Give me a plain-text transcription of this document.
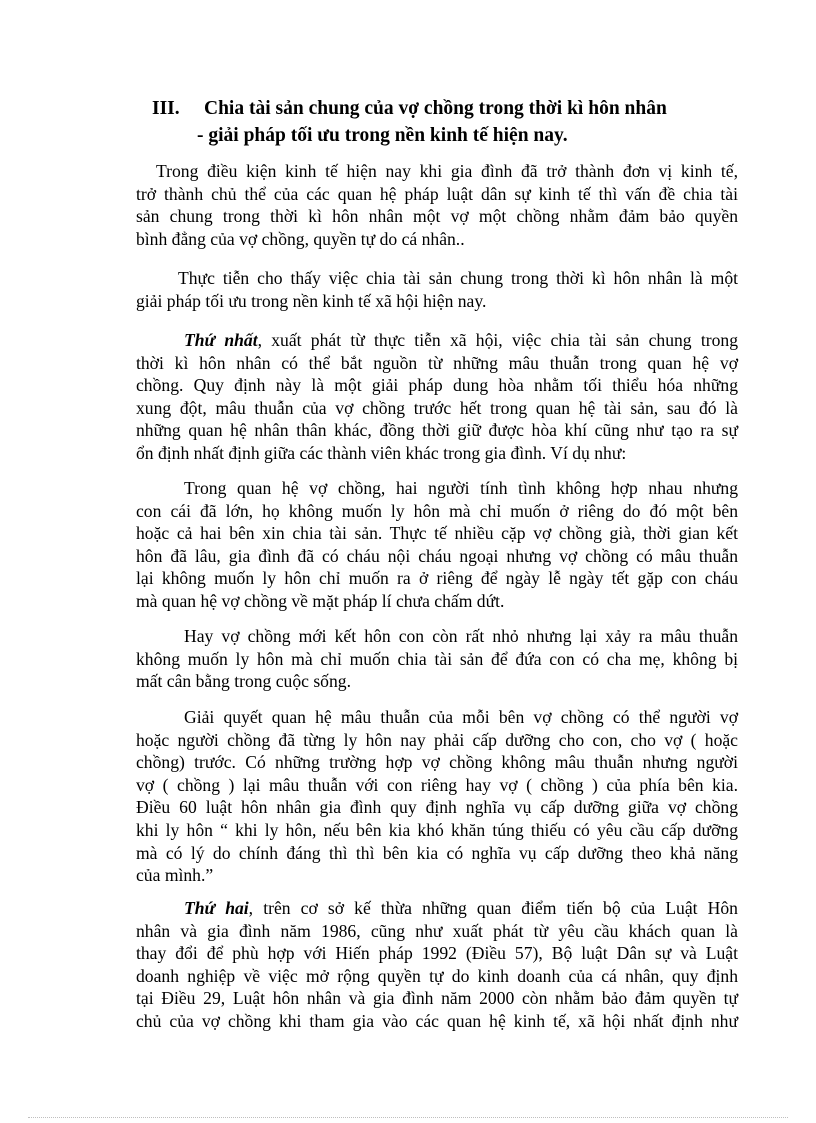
III. Chia tài sản chung của vợ chồng trong thời kì hôn nhân
- giải pháp tối ưu trong nền kinh tế hiện nay.
Trong điều kiện kinh tế hiện nay khi gia đình đã trở thành đơn vị kinh tế,
trở thành chủ thể của các quan hệ pháp luật dân sự kinh tế thì vấn đề chia tài
sản chung trong thời kì hôn nhân một vợ một chồng nhằm đảm bảo quyền
bình đẳng của vợ chồng, quyền tự do cá nhân..
Thực tiễn cho thấy việc chia tài sản chung trong thời kì hôn nhân là một
giải pháp tối ưu trong nền kinh tế xã hội hiện nay.
Thứ nhất, xuất phát từ thực tiễn xã hội, việc chia tài sản chung trong
thời kì hôn nhân có thể bắt nguồn từ những mâu thuẫn trong quan hệ vợ
chồng. Quy định này là một giải pháp dung hòa nhằm tối thiểu hóa những
xung đột, mâu thuẫn của vợ chồng trước hết trong quan hệ tài sản, sau đó là
những quan hệ nhân thân khác, đồng thời giữ được hòa khí cũng như tạo ra sự
ổn định nhất định giữa các thành viên khác trong gia đình. Ví dụ như:
Trong quan hệ vợ chồng, hai người tính tình không hợp nhau nhưng
con cái đã lớn, họ không muốn ly hôn mà chỉ muốn ở riêng do đó một bên
hoặc cả hai bên xin chia tài sản. Thực tế nhiều cặp vợ chồng già, thời gian kết
hôn đã lâu, gia đình đã có cháu nội cháu ngoại nhưng vợ chồng có mâu thuẫn
lại không muốn ly hôn chỉ muốn ra ở riêng để ngày lễ ngày tết gặp con cháu
mà quan hệ vợ chồng về mặt pháp lí chưa chấm dứt.
Hay vợ chồng mới kết hôn con còn rất nhỏ nhưng lại xảy ra mâu thuẫn
không muốn ly hôn mà chỉ muốn chia tài sản để đứa con có cha mẹ, không bị
mất cân bằng trong cuộc sống.
Giải quyết quan hệ mâu thuẫn của mỗi bên vợ chồng có thể người vợ
hoặc người chồng đã từng ly hôn nay phải cấp dưỡng cho con, cho vợ ( hoặc
chồng) trước. Có những trường hợp vợ chồng không mâu thuẫn nhưng người
vợ ( chồng ) lại mâu thuẫn với con riêng hay vợ ( chồng ) của phía bên kia.
Điều 60 luật hôn nhân gia đình quy định nghĩa vụ cấp dưỡng giữa vợ chồng
khi ly hôn “ khi ly hôn, nếu bên kia khó khăn túng thiếu có yêu cầu cấp dưỡng
mà có lý do chính đáng thì thì bên kia có nghĩa vụ cấp dưỡng theo khả năng
của mình.”
Thứ hai, trên cơ sở kế thừa những quan điểm tiến bộ của Luật Hôn
nhân và gia đình năm 1986, cũng như xuất phát từ yêu cầu khách quan là
thay đổi để phù hợp với Hiến pháp 1992 (Điều 57), Bộ luật Dân sự và Luật
doanh nghiệp về việc mở rộng quyền tự do kinh doanh của cá nhân, quy định
tại Điều 29, Luật hôn nhân và gia đình năm 2000 còn nhằm bảo đảm quyền tự
chủ của vợ chồng khi tham gia vào các quan hệ kinh tế, xã hội nhất định như
